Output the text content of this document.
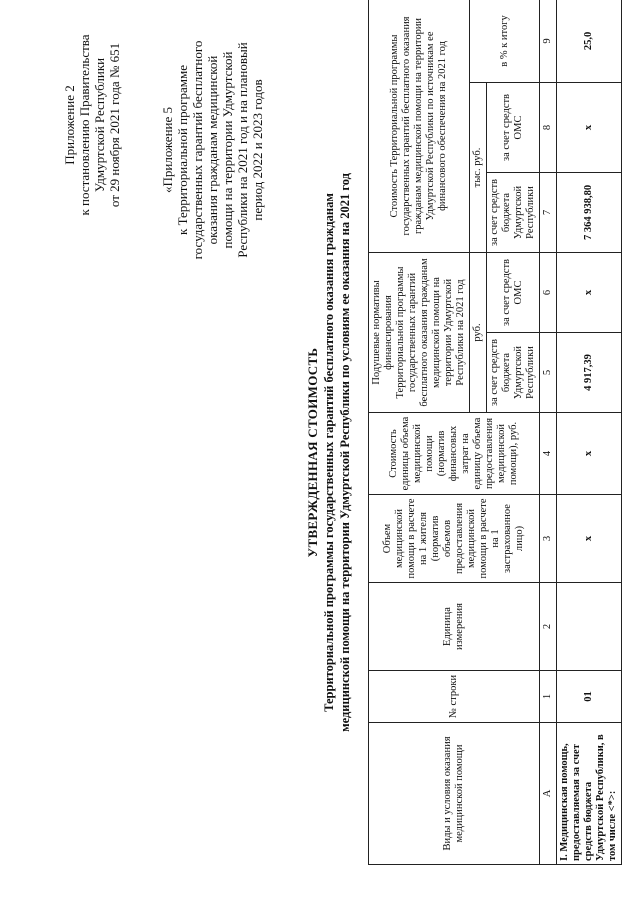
Приложение 2 к постановлению Правительства Удмуртской Республики от 29 ноября 2021 года № 651	«Приложение 5 к Территориальной программе государственных гарантий бесплатного оказания гражданам медицинской помощи на территории Удмуртской Республики на 2021 год и на плановый период 2022 и 2023 годов
УТВЕРЖДЕННАЯ СТОИМОСТЬ Территориальной программы государственных гарантий бесплатного оказания гражданам медицинской помощи на территории Удмуртской Республики по условиям ее оказания на 2021 год
Виды и условия оказания медицинской помощи	№ строки	Единица измерения	Объем медицинской помощи в расчете на 1 жителя (норматив объемов предоставления медицинской помощи в расчете на 1 застрахованное лицо)	Стоимость единицы объема медицинской помощи (норматив финансовых затрат на единицу объема предоставления медицинской помощи), руб.	Подушевые нормативы финансирования Территориальной программы государственных гарантий бесплатного оказания гражданам медицинской помощи на территории Удмуртской Республики на 2021 год		Стоимость Территориальной программы государственных гарантий бесплатного оказания гражданам медицинской помощи на территории Удмуртской Республики по источникам ее финансового обеспечения на 2021 год		
					руб.		тыс. руб.		в % к итогу
					за счет средств бюджета Удмуртской Республики	за счет средств ОМС	за счет средств бюджета Удмуртской Республики	за счет средств ОМС	
А	1	2	3	4	5	6	7	8	9
I. Медицинская помощь, предоставляемая за счет средств бюджета Удмуртской Республики, в том числе <*>:	01		х	х	4 917,39	х	7 364 938,80	х	25,0
